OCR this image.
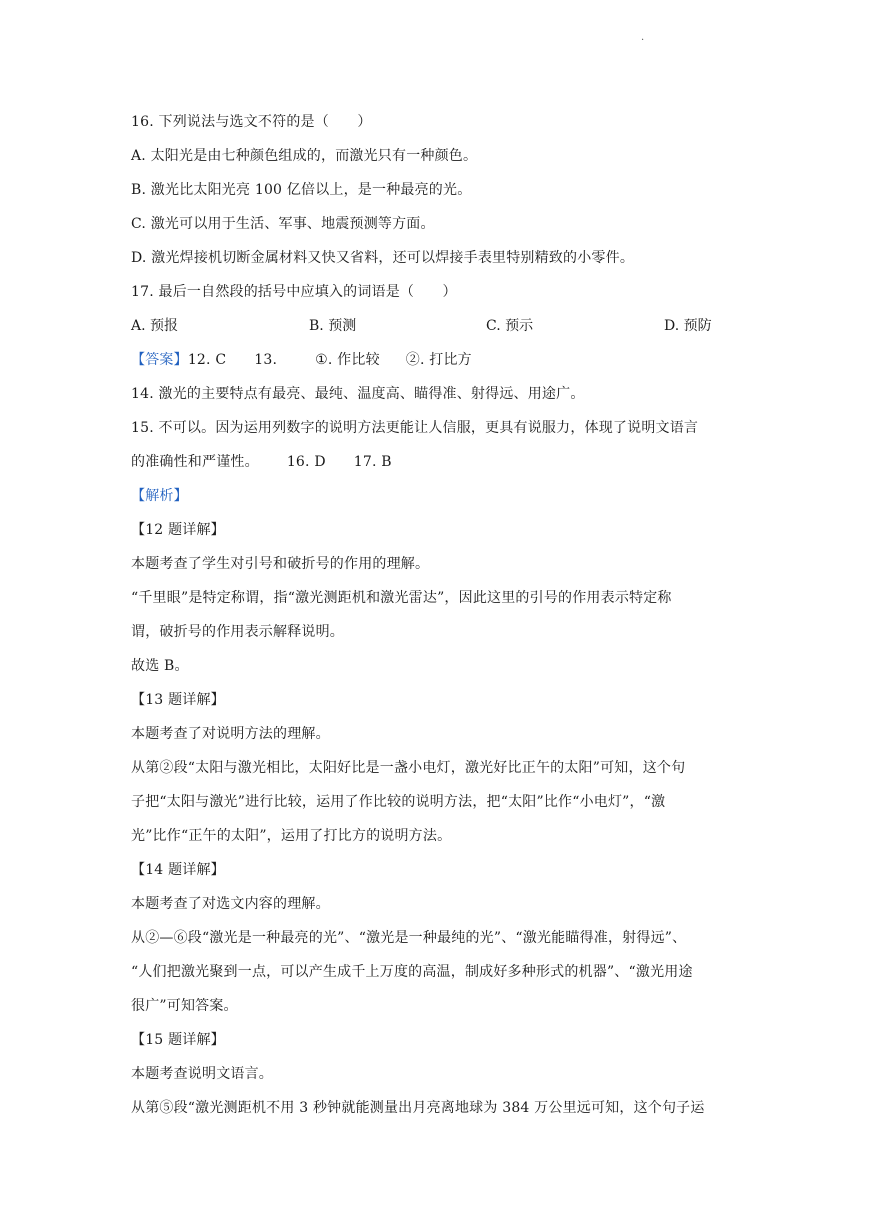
.
16. 下列说法与选文不符的是（　　）
A. 太阳光是由七种颜色组成的，而激光只有一种颜色。
B. 激光比太阳光亮 100 亿倍以上，是一种最亮的光。
C. 激光可以用于生活、军事、地震预测等方面。
D. 激光焊接机切断金属材料又快又省料，还可以焊接手表里特别精致的小零件。
17. 最后一自然段的括号中应填入的词语是（　　）
A. 预报	B. 预测	C. 预示	D. 预防
【答案】12. C 13.	①. 作比较 ②. 打比方
14. 激光的主要特点有最亮、最纯、温度高、瞄得准、射得远、用途广。
15. 不可以。因为运用列数字的说明方法更能让人信服，更具有说服力，体现了说明文语言
的准确性和严谨性。 16. D 17. B
【解析】
【12 题详解】
本题考查了学生对引号和破折号的作用的理解。
“千里眼”是特定称谓，指“激光测距机和激光雷达”，因此这里的引号的作用表示特定称
谓，破折号的作用表示解释说明。
故选 B。
【13 题详解】
本题考查了对说明方法的理解。
从第②段“太阳与激光相比，太阳好比是一盏小电灯，激光好比正午的太阳”可知，这个句
子把“太阳与激光”进行比较，运用了作比较的说明方法，把“太阳”比作“小电灯”，“激
光”比作“正午的太阳”，运用了打比方的说明方法。
【14 题详解】
本题考查了对选文内容的理解。
从②—⑥段“激光是一种最亮的光”、“激光是一种最纯的光”、“激光能瞄得准，射得远”、
“人们把激光聚到一点，可以产生成千上万度的高温，制成好多种形式的机器”、“激光用途
很广”可知答案。
【15 题详解】
本题考查说明文语言。
从第⑤段“激光测距机不用 3 秒钟就能测量出月亮离地球为 384 万公里远可知，这个句子运
